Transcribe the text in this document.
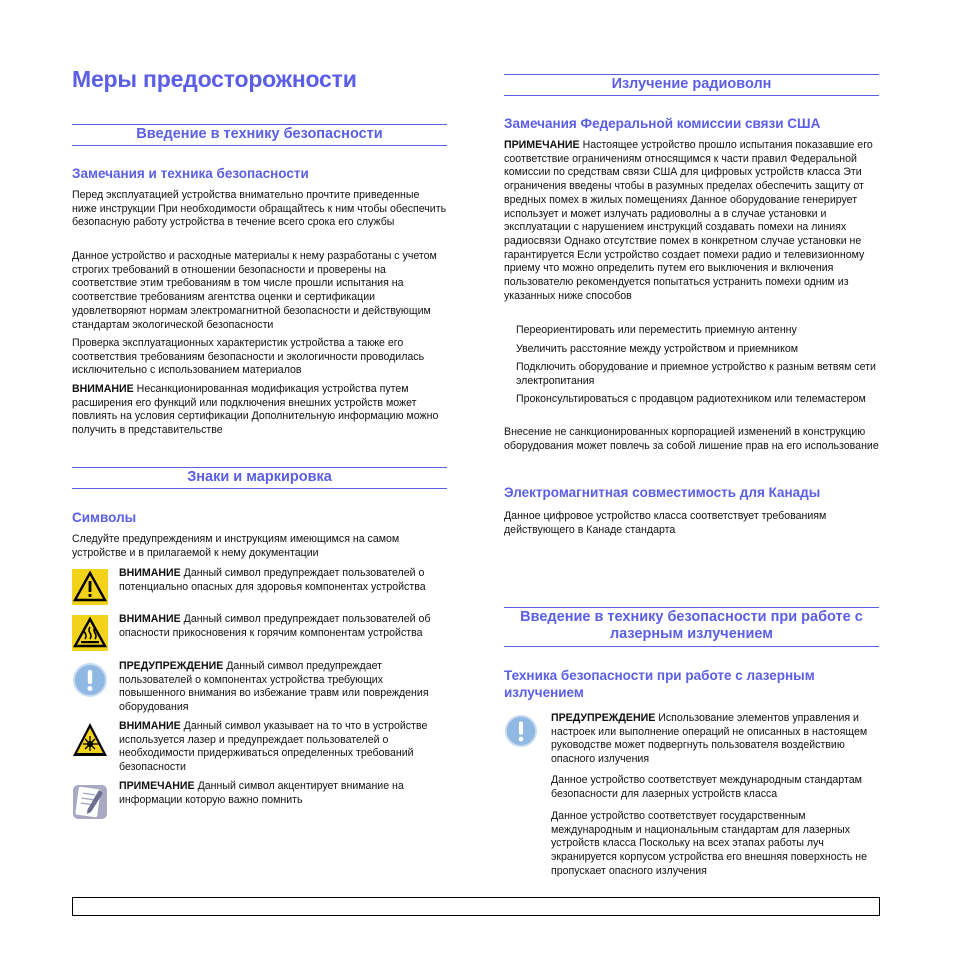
Меры предосторожности
Введение в технику безопасности
Замечания и техника безопасности

Перед эксплуатацией устройства внимательно прочтите приведенные ниже инструкции При необходимости обращайтесь к ним чтобы обеспечить безопасную работу устройства в течение всего срока его службы

Данное устройство и расходные материалы к нему разработаны с учетом строгих требований в отношении безопасности и проверены на соответствие этим требованиям в том числе прошли испытания на соответствие требованиям агентства оценки и сертификации удовлетворяют нормам электромагнитной безопасности и действующим стандартам экологической безопасности

Проверка эксплуатационных характеристик устройства а также его соответствия требованиям безопасности и экологичности проводилась исключительно с использованием материалов

ВНИМАНИЕ Несанкционированная модификация устройства путем расширения его функций или подключения внешних устройств может повлиять на условия сертификации Дополнительную информацию можно получить в представительстве

Знаки и маркировка
Символы

Следуйте предупреждениям и инструкциям имеющимся на самом устройстве и в прилагаемой к нему документации

ВНИМАНИЕ Данный символ предупреждает пользователей о потенциально опасных для здоровья компонентах устройства

ВНИМАНИЕ Данный символ предупреждает пользователей об опасности прикосновения к горячим компонентам устройства

ПРЕДУПРЕЖДЕНИЕ Данный символ предупреждает пользователей о компонентах устройства требующих повышенного внимания во избежание травм или повреждения оборудования

ВНИМАНИЕ Данный символ указывает на то что в устройстве используется лазер и предупреждает пользователей о необходимости придерживаться определенных требований безопасности

ПРИМЕЧАНИЕ Данный символ акцентирует внимание на информации которую важно помнить

Излучение радиоволн
Замечания Федеральной комиссии связи США

ПРИМЕЧАНИЕ Настоящее устройство прошло испытания показавшие его соответствие ограничениям относящимся к части правил Федеральной комиссии по средствам связи США для цифровых устройств класса Эти ограничения введены чтобы в разумных пределах обеспечить защиту от вредных помех в жилых помещениях Данное оборудование генерирует использует и может излучать радиоволны а в случае установки и эксплуатации с нарушением инструкций создавать помехи на линиях радиосвязи Однако отсутствие помех в конкретном случае установки не гарантируется Если устройство создает помехи радио и телевизионному приему что можно определить путем его выключения и включения пользователю рекомендуется попытаться устранить помехи одним из указанных ниже способов

Переориентировать или переместить приемную антенну

Увеличить расстояние между устройством и приемником

Подключить оборудование и приемное устройство к разным ветвям сети электропитания

Проконсультироваться с продавцом радиотехником или телемастером

Внесение не санкционированных корпорацией изменений в конструкцию оборудования может повлечь за собой лишение прав на его использование

Электромагнитная совместимость для Канады

Данное цифровое устройство класса соответствует требованиям действующего в Канаде стандарта

Введение в технику безопасности при работе с лазерным излучением
Техника безопасности при работе с лазерным излучением

ПРЕДУПРЕЖДЕНИЕ Использование элементов управления и настроек или выполнение операций не описанных в настоящем руководстве может подвергнуть пользователя воздействию опасного излучения

Данное устройство соответствует международным стандартам безопасности для лазерных устройств класса

Данное устройство соответствует государственным международным и национальным стандартам для лазерных устройств класса Поскольку на всех этапах работы луч экранируется корпусом устройства его внешняя поверхность не пропускает опасного излучения
